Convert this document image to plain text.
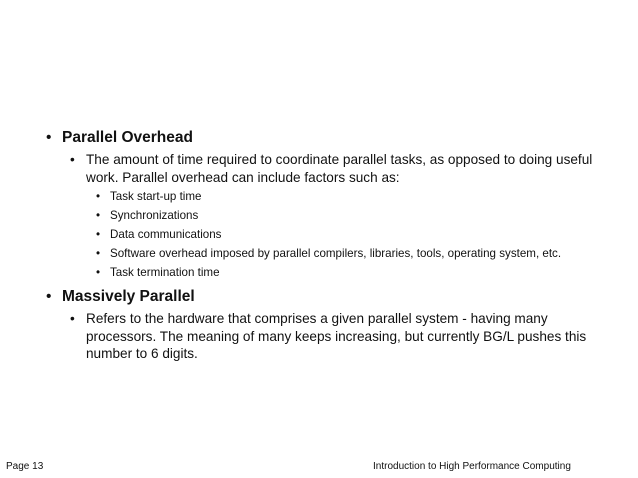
• Parallel Overhead
• The amount of time required to coordinate parallel tasks, as opposed to doing useful work. Parallel overhead can include factors such as:
• Task start-up time
• Synchronizations
• Data communications
• Software overhead imposed by parallel compilers, libraries, tools, operating system, etc.
• Task termination time
• Massively Parallel
• Refers to the hardware that comprises a given parallel system - having many processors. The meaning of many keeps increasing, but currently BG/L pushes this number to 6 digits.
Page 13	Introduction to High Performance Computing
